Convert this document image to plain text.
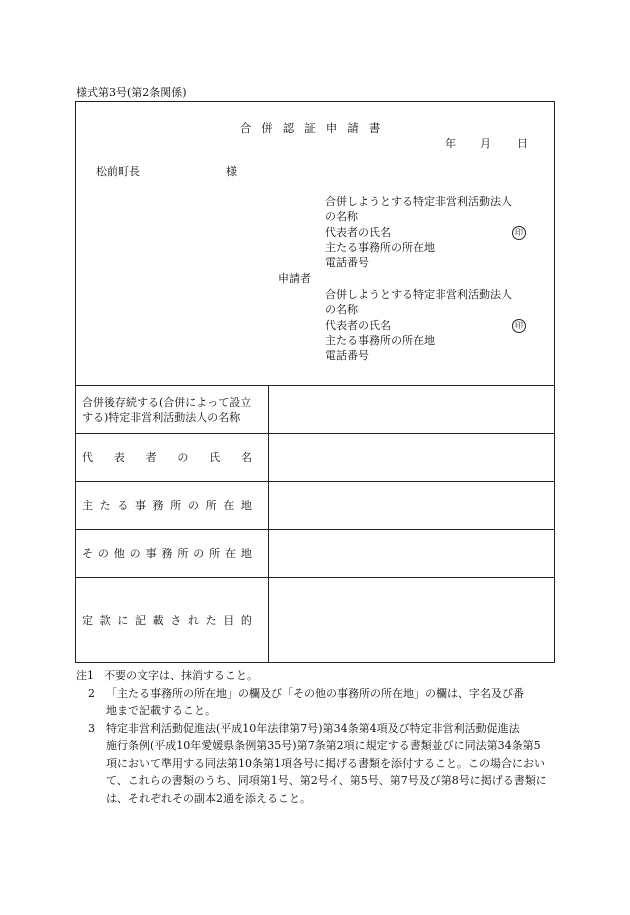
様式第3号(第2条関係)
合併認証申請書
年 月 日
松前町長	様
申請者
合併しようとする特定非営利活動法人
の名称
代表者の氏名	印
主たる事務所の所在地
電話番号
合併しようとする特定非営利活動法人
の名称
代表者の氏名	印
主たる事務所の所在地
電話番号
合併後存続する(合併によって設立
する)特定非営利活動法人の名称
代 表 者 の 氏 名
主 た る 事 務 所 の 所 在 地
そ の 他 の 事 務 所 の 所 在 地
定 款 に 記 載 さ れ た 目 的
注1 不要の文字は、抹消すること。
2 「主たる事務所の所在地」の欄及び「その他の事務所の所在地」の欄は、字名及び番
地まで記載すること。
3 特定非営利活動促進法(平成10年法律第7号)第34条第4項及び特定非営利活動促進法
施行条例(平成10年愛媛県条例第35号)第7条第2項に規定する書類並びに同法第34条第5
項において準用する同法第10条第1項各号に掲げる書類を添付すること。この場合におい
て、これらの書類のうち、同項第1号、第2号イ、第5号、第7号及び第8号に掲げる書類に
は、それぞれその副本2通を添えること。
